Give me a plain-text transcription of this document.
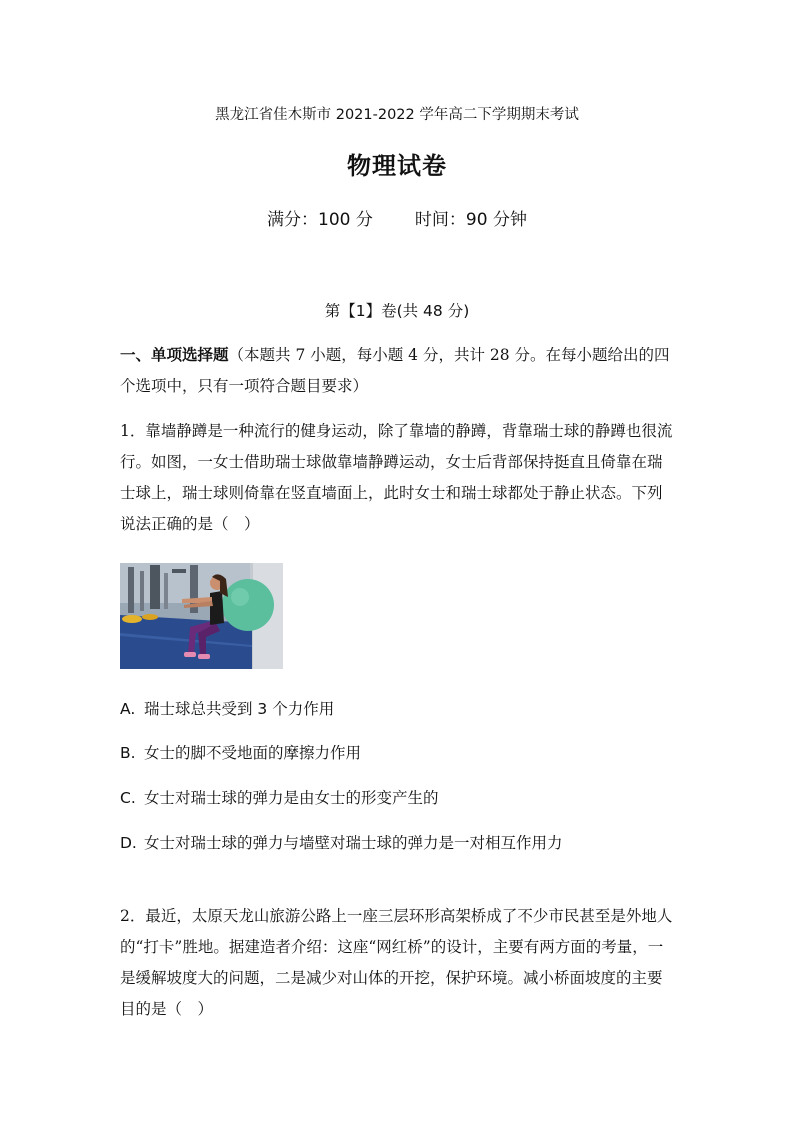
黑龙江省佳木斯市 2021-2022 学年高二下学期期末考试
物理试卷
满分：100 分 时间：90 分钟
第【1】卷(共 48 分)
一、单项选择题（本题共 7 小题，每小题 4 分，共计 28 分。在每小题给出的四个选项中，只有一项符合题目要求）
1．靠墙静蹲是一种流行的健身运动，除了靠墙的静蹲，背靠瑞士球的静蹲也很流行。如图，一女士借助瑞士球做靠墙静蹲运动，女士后背部保持挺直且倚靠在瑞士球上，瑞士球则倚靠在竖直墙面上，此时女士和瑞士球都处于静止状态。下列说法正确的是（　）
A. 瑞士球总共受到 3 个力作用
B. 女士的脚不受地面的摩擦力作用
C. 女士对瑞士球的弹力是由女士的形变产生的
D. 女士对瑞士球的弹力与墙壁对瑞士球的弹力是一对相互作用力
2．最近，太原天龙山旅游公路上一座三层环形高架桥成了不少市民甚至是外地人的“打卡”胜地。据建造者介绍：这座“网红桥”的设计，主要有两方面的考量，一是缓解坡度大的问题，二是减少对山体的开挖，保护环境。减小桥面坡度的主要目的是（　）
